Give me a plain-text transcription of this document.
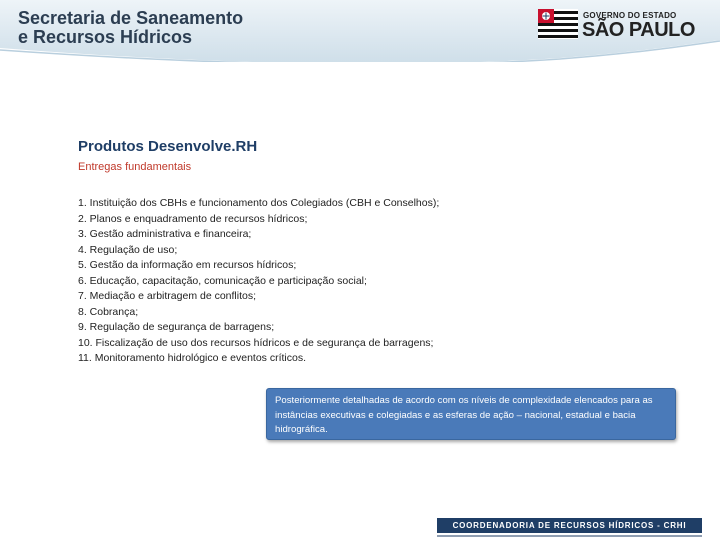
Secretaria de Saneamento
e Recursos Hídricos
GOVERNO DO ESTADO
SÃO PAULO
Produtos Desenvolve.RH
Entregas fundamentais
1. Instituição dos CBHs e funcionamento dos Colegiados (CBH e Conselhos);
2. Planos e enquadramento de recursos hídricos;
3. Gestão administrativa e financeira;
4. Regulação de uso;
5. Gestão da informação em recursos hídricos;
6. Educação, capacitação, comunicação e participação social;
7. Mediação e arbitragem de conflitos;
8. Cobrança;
9. Regulação de segurança de barragens;
10. Fiscalização de uso dos recursos hídricos e de segurança de barragens;
11. Monitoramento hidrológico e eventos críticos.

Posteriormente detalhadas de acordo com os níveis de complexidade elencados para as instâncias executivas e colegiadas e as esferas de ação – nacional, estadual e bacia hidrográfica.

COORDENADORIA DE RECURSOS HÍDRICOS - CRHI
